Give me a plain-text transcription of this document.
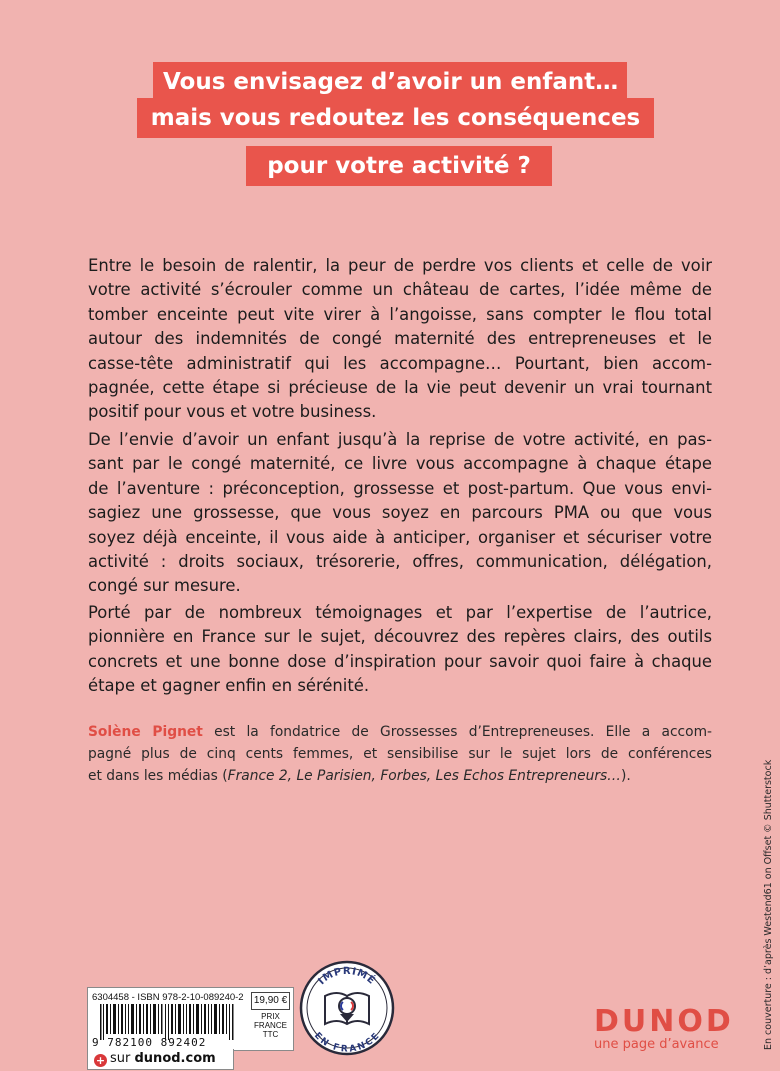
Vous envisagez d’avoir un enfant…
mais vous redoutez les conséquences
pour votre activité ?
Entre le besoin de ralentir, la peur de perdre vos clients et celle de voir
votre activité s’écrouler comme un château de cartes, l’idée même de
tomber enceinte peut vite virer à l’angoisse, sans compter le flou total
autour des indemnités de congé maternité des entrepreneuses et le
casse-tête administratif qui les accompagne… Pourtant, bien accom-
pagnée, cette étape si précieuse de la vie peut devenir un vrai tournant
positif pour vous et votre business.
De l’envie d’avoir un enfant jusqu’à la reprise de votre activité, en pas-
sant par le congé maternité, ce livre vous accompagne à chaque étape
de l’aventure : préconception, grossesse et post-partum. Que vous envi-
sagiez une grossesse, que vous soyez en parcours PMA ou que vous
soyez déjà enceinte, il vous aide à anticiper, organiser et sécuriser votre
activité : droits sociaux, trésorerie, offres, communication, délégation,
congé sur mesure.
Porté par de nombreux témoignages et par l’expertise de l’autrice,
pionnière en France sur le sujet, découvrez des repères clairs, des outils
concrets et une bonne dose d’inspiration pour savoir quoi faire à chaque
étape et gagner enfin en sérénité.
Solène Pignet est la fondatrice de Grossesses d’Entrepreneuses. Elle a accom-
pagné plus de cinq cents femmes, et sensibilise sur le sujet lors de conférences
et dans les médias (France 2, Le Parisien, Forbes, Les Echos Entrepreneurs…).	En couverture : d’après Westend61 on Offset © Shutterstock
6304458 - ISBN 978-2-10-089240-2
9 782100 892402
19,90 €
PRIX
FRANCE
TTC
+ sur dunod.com
IMPRIMÉ
EN FRANCE	DUNOD
une page d’avance
